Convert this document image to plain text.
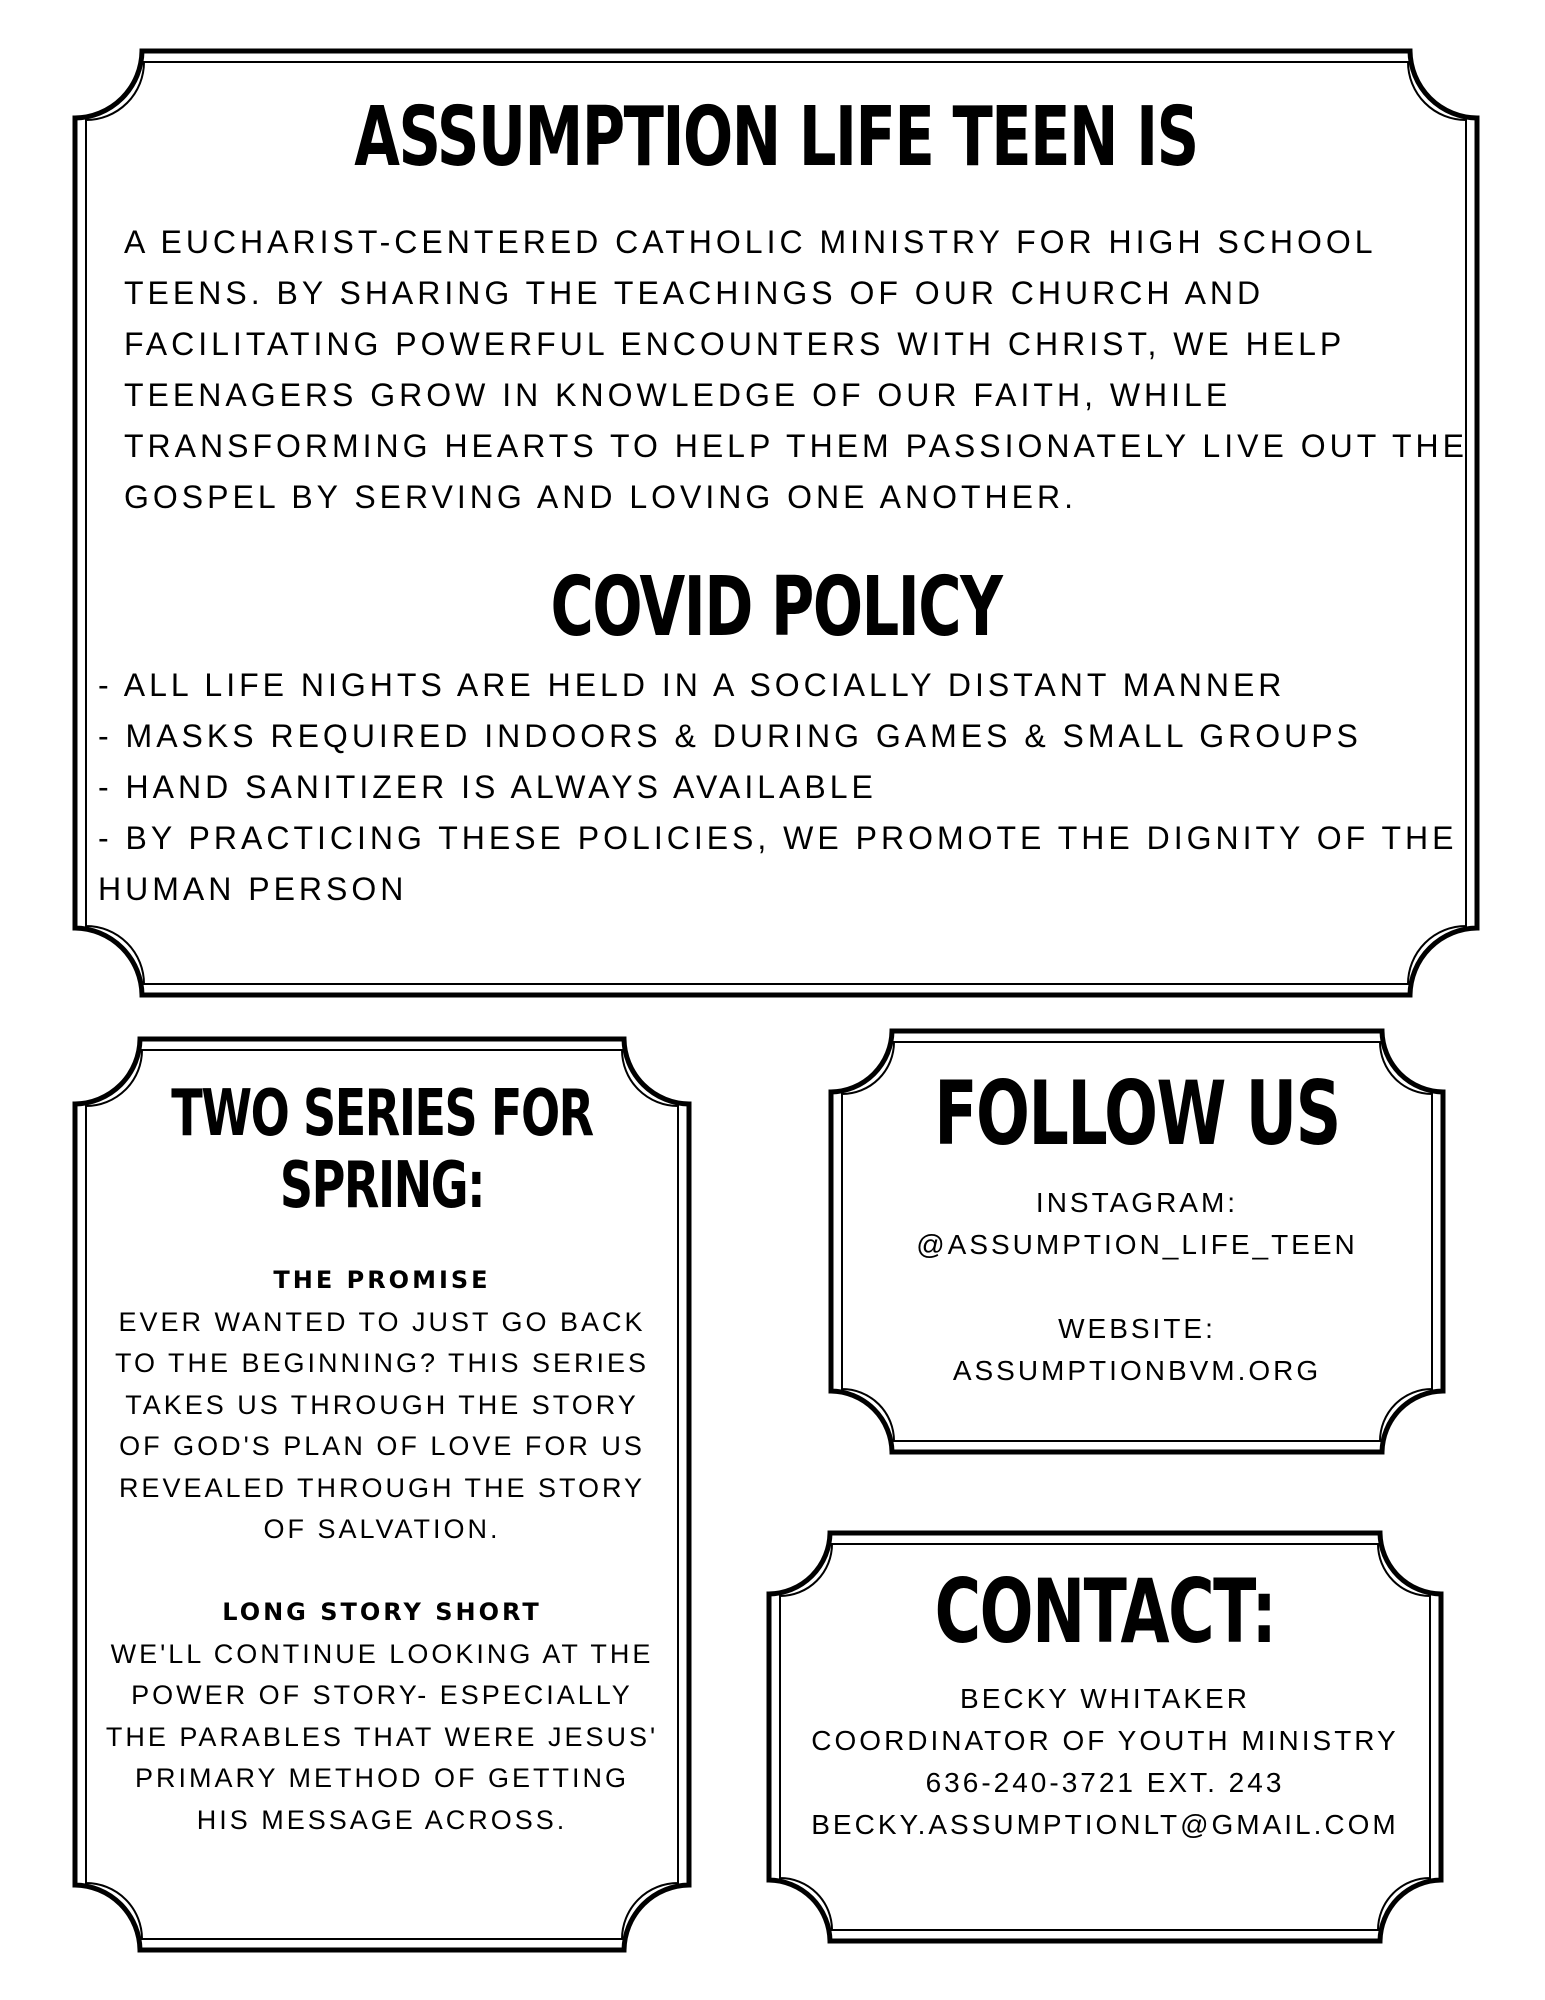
ASSUMPTION LIFE TEEN IS
A EUCHARIST-CENTERED CATHOLIC MINISTRY FOR HIGH SCHOOL
TEENS. BY SHARING THE TEACHINGS OF OUR CHURCH AND
FACILITATING POWERFUL ENCOUNTERS WITH CHRIST, WE HELP
TEENAGERS GROW IN KNOWLEDGE OF OUR FAITH, WHILE
TRANSFORMING HEARTS TO HELP THEM PASSIONATELY LIVE OUT THE
GOSPEL BY SERVING AND LOVING ONE ANOTHER.
COVID POLICY
- ALL LIFE NIGHTS ARE HELD IN A SOCIALLY DISTANT MANNER
- MASKS REQUIRED INDOORS & DURING GAMES & SMALL GROUPS
- HAND SANITIZER IS ALWAYS AVAILABLE
- BY PRACTICING THESE POLICIES, WE PROMOTE THE DIGNITY OF THE
HUMAN PERSON
TWO SERIES FOR
SPRING:
THE PROMISE
EVER WANTED TO JUST GO BACK
TO THE BEGINNING? THIS SERIES
TAKES US THROUGH THE STORY
OF GOD'S PLAN OF LOVE FOR US
REVEALED THROUGH THE STORY
OF SALVATION.

LONG STORY SHORT
WE'LL CONTINUE LOOKING AT THE
POWER OF STORY- ESPECIALLY
THE PARABLES THAT WERE JESUS'
PRIMARY METHOD OF GETTING
HIS MESSAGE ACROSS.
FOLLOW US
INSTAGRAM:
@ASSUMPTION_LIFE_TEEN

WEBSITE:
ASSUMPTIONBVM.ORG
CONTACT:
BECKY WHITAKER
COORDINATOR OF YOUTH MINISTRY
636-240-3721 EXT. 243
BECKY.ASSUMPTIONLT@GMAIL.COM
